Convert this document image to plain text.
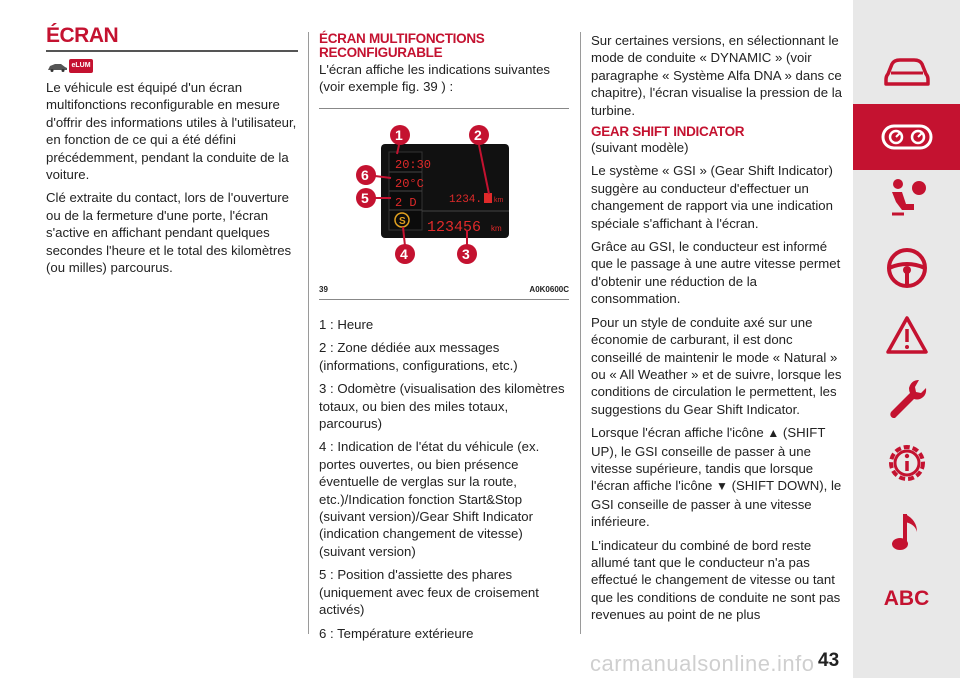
ÉCRAN
eLUM

Le véhicule est équipé d'un écran multifonctions reconfigurable en mesure d'offrir des informations utiles à l'utilisateur, en fonction de ce qui a été défini précédemment, pendant la conduite de la voiture.

Clé extraite du contact, lors de l'ouverture ou de la fermeture d'une porte, l'écran s'active en affichant pendant quelques secondes l'heure et le total des kilomètres (ou milles) parcourus.

ÉCRAN MULTIFONCTIONS RECONFIGURABLE

L'écran affiche les indications suivantes (voir exemple fig. 39 ) :

20:30
20°C
2 D
S
1234. km
123456 km
1	2
3
4
5
6
39	A0K0600C

1 : Heure

2 : Zone dédiée aux messages (informations, configurations, etc.)

3 : Odomètre (visualisation des kilomètres totaux, ou bien des miles totaux, parcourus)

4 : Indication de l'état du véhicule (ex. portes ouvertes, ou bien présence éventuelle de verglas sur la route, etc.)/Indication fonction Start&Stop (suivant version)/Gear Shift Indicator (indication changement de vitesse) (suivant version)

5 : Position d'assiette des phares (uniquement avec feux de croisement activés)

6 : Température extérieure

Sur certaines versions, en sélectionnant le mode de conduite « DYNAMIC » (voir paragraphe « Système Alfa DNA » dans ce chapitre), l'écran visualise la pression de la turbine.

GEAR SHIFT INDICATOR

(suivant modèle)

Le système « GSI » (Gear Shift Indicator) suggère au conducteur d'effectuer un changement de rapport via une indication spéciale s'affichant à l'écran.

Grâce au GSI, le conducteur est informé que le passage à une autre vitesse permet d'obtenir une réduction de la consommation.

Pour un style de conduite axé sur une économie de carburant, il est donc conseillé de maintenir le mode « Natural » ou « All Weather » et de suivre, lorsque les conditions de circulation le permettent, les suggestions du Gear Shift Indicator.

Lorsque l'écran affiche l'icône ▲ (SHIFT UP), le GSI conseille de passer à une vitesse supérieure, tandis que lorsque l'écran affiche l'icône ▼ (SHIFT DOWN), le GSI conseille de passer à une vitesse inférieure.

L'indicateur du combiné de bord reste allumé tant que le conducteur n'a pas effectué le changement de vitesse ou tant que les conditions de conduite ne sont pas revenues au point de ne plus

ABC
carmanualsonline.info 43
